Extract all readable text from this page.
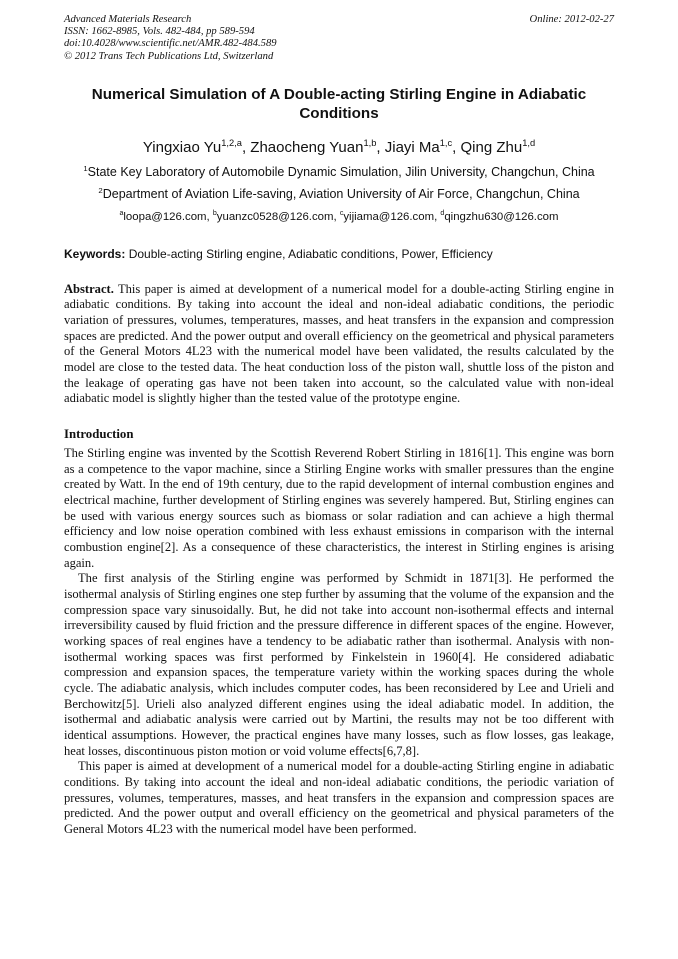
Advanced Materials Research
ISSN: 1662-8985, Vols. 482-484, pp 589-594
doi:10.4028/www.scientific.net/AMR.482-484.589
© 2012 Trans Tech Publications Ltd, Switzerland
Online: 2012-02-27
Numerical Simulation of A Double-acting Stirling Engine in Adiabatic Conditions
Yingxiao Yu$^{1,2,a}$, Zhaocheng Yuan$^{1,b}$, Jiayi Ma$^{1,c}$, Qing Zhu$^{1,d}$
$^1$State Key Laboratory of Automobile Dynamic Simulation, Jilin University, Changchun, China
$^2$Department of Aviation Life-saving, Aviation University of Air Force, Changchun, China
$^a$loopa@126.com, $^b$yuanzc0528@126.com, $^c$yijiama@126.com, $^d$qingzhu630@126.com
Keywords: Double-acting Stirling engine, Adiabatic conditions, Power, Efficiency
Abstract. This paper is aimed at development of a numerical model for a double-acting Stirling engine in adiabatic conditions. By taking into account the ideal and non-ideal adiabatic conditions, the periodic variation of pressures, volumes, temperatures, masses, and heat transfers in the expansion and compression spaces are predicted. And the power output and overall efficiency on the geometrical and physical parameters of the General Motors 4L23 with the numerical model have been validated, the results calculated by the model are close to the tested data. The heat conduction loss of the piston wall, shuttle loss of the piston and the leakage of operating gas have not been taken into account, so the calculated value with non-ideal adiabatic model is slightly higher than the tested value of the prototype engine.
Introduction
The Stirling engine was invented by the Scottish Reverend Robert Stirling in 1816[1]. This engine was born as a competence to the vapor machine, since a Stirling Engine works with smaller pressures than the engine created by Watt. In the end of 19th century, due to the rapid development of internal combustion engines and electrical machine, further development of Stirling engines was severely hampered. But, Stirling engines can be used with various energy sources such as biomass or solar radiation and can achieve a high thermal efficiency and low noise operation combined with less exhaust emissions in comparison with the internal combustion engine[2]. As a consequence of these characteristics, the interest in Stirling engines is arising again.
The first analysis of the Stirling engine was performed by Schmidt in 1871[3]. He performed the isothermal analysis of Stirling engines one step further by assuming that the volume of the expansion and the compression space vary sinusoidally. But, he did not take into account non-isothermal effects and internal irreversibility caused by fluid friction and the pressure difference in different spaces of the engine. However, working spaces of real engines have a tendency to be adiabatic rather than isothermal. Analysis with non-isothermal working spaces was first performed by Finkelstein in 1960[4]. He considered adiabatic compression and expansion spaces, the temperature variety within the working spaces during the whole cycle. The adiabatic analysis, which includes computer codes, has been reconsidered by Lee and Urieli and Berchowitz[5]. Urieli also analyzed different engines using the ideal adiabatic model. In addition, the isothermal and adiabatic analysis were carried out by Martini, the results may not be too different with identical assumptions. However, the practical engines have many losses, such as flow losses, gas leakage, heat losses, discontinuous piston motion or void volume effects[6,7,8].
This paper is aimed at development of a numerical model for a double-acting Stirling engine in adiabatic conditions. By taking into account the ideal and non-ideal adiabatic conditions, the periodic variation of pressures, volumes, temperatures, masses, and heat transfers in the expansion and compression spaces are predicted. And the power output and overall efficiency on the geometrical and physical parameters of the General Motors 4L23 with the numerical model have been performed.
